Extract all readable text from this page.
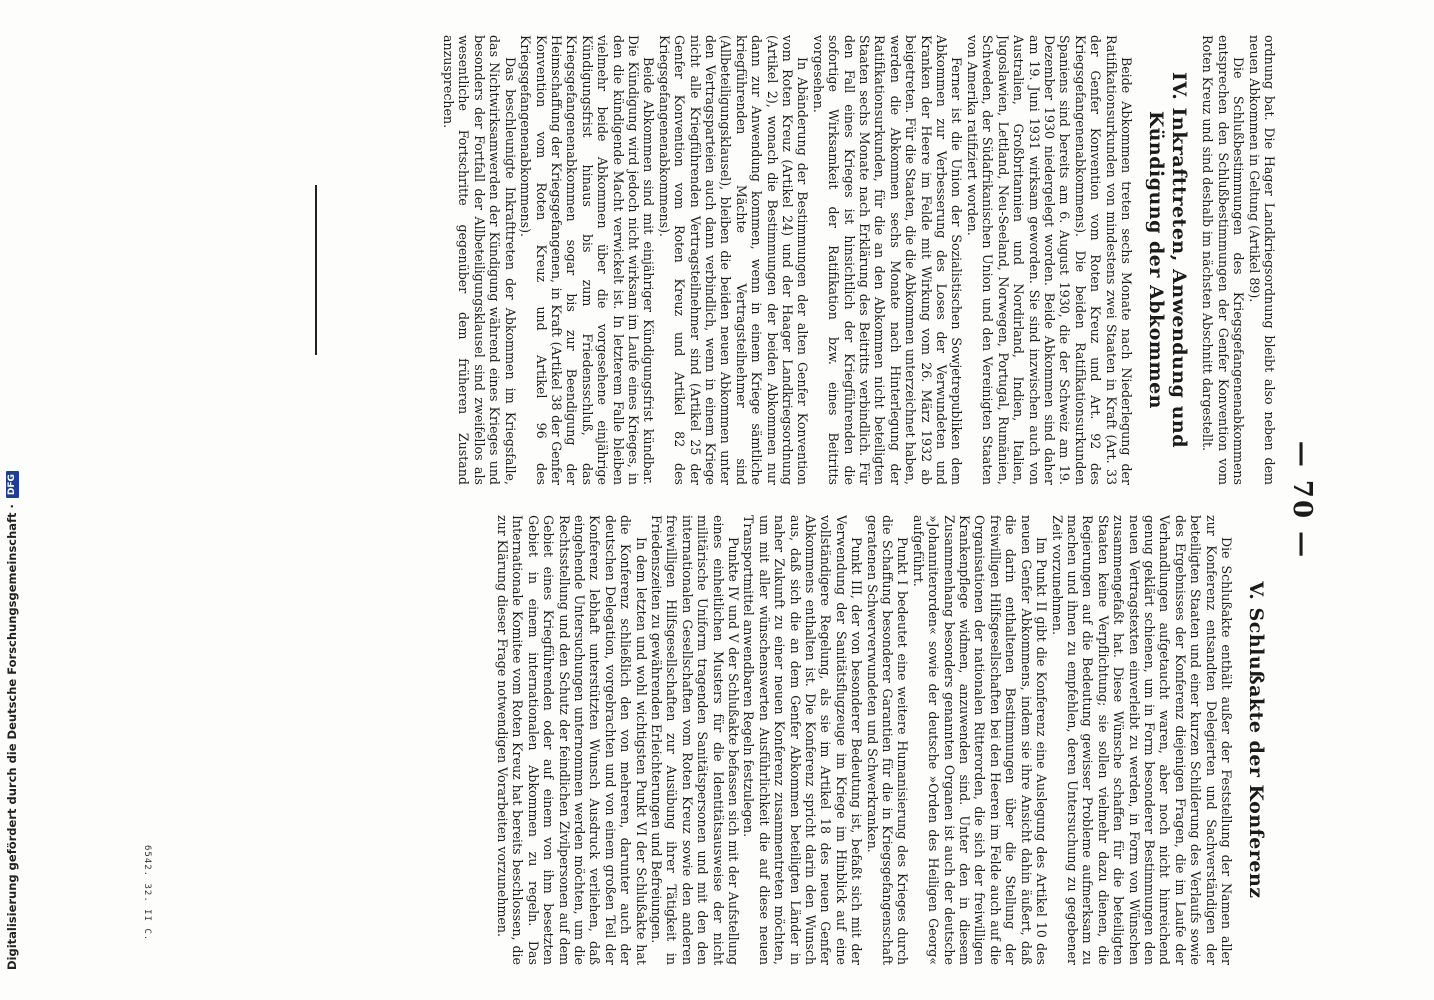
— 70 —

ordnung bat. Die Hager Landkriegsordnung bleibt also neben dem neuen Abkommen in Geltung (Artikel 89).

Die Schlußbestimmungen des Kriegsgefangenenabkommens entsprechen den Schlußbestimmungen der Genfer Konvention vom Roten Kreuz und sind deshalb im nächsten Abschnitt dargestellt.

IV. Inkrafttreten, Anwendung und Kündigung der Abkommen

Beide Abkommen treten sechs Monate nach Niederlegung der Ratifikationsurkunden von mindestens zwei Staaten in Kraft (Art. 33 der Genfer Konvention vom Roten Kreuz und Art. 92 des Kriegsgefangenenabkommens). Die beiden Ratifikationsurkunden Spaniens sind bereits am 6. August 1930, die der Schweiz am 19. Dezember 1930 niedergelegt worden. Beide Abkommen sind daher am 19. Juni 1931 wirksam geworden. Sie sind inzwischen auch von Australien, Großbritannien und Nordirland, Indien, Italien, Jugoslawien, Lettland, Neu-Seeland, Norwegen, Portugal, Rumänien, Schweden, der Südafrikanischen Union und den Vereinigten Staaten von Amerika ratifiziert worden.

Ferner ist die Union der Sozialistischen Sowjetrepubliken dem Abkommen zur Verbesserung des Loses der Verwundeten und Kranken der Heere im Felde mit Wirkung vom 26. März 1932 ab beigetreten. Für die Staaten, die die Abkommen unterzeichnet haben, werden die Abkommen sechs Monate nach Hinterlegung der Ratifikationsurkunden, für die an den Abkommen nicht beteiligten Staaten sechs Monate nach Erklärung des Beitritts verbindlich. Für den Fall eines Krieges ist hinsichtlich der Kriegführenden die sofortige Wirksamkeit der Ratifikation bzw. eines Beitritts vorgesehen.

In Abänderung der Bestimmungen der alten Genfer Konvention vom Roten Kreuz (Artikel 24) und der Haager Landkriegsordnung (Artikel 2), wonach die Bestimmungen der beiden Abkommen nur dann zur Anwendung kommen, wenn in einem Kriege sämtliche kriegführenden Mächte Vertragsteilnehmer sind (Allbeteiligungsklausel), bleiben die beiden neuen Abkommen unter den Vertragsparteien auch dann verbindlich, wenn in einem Kriege nicht alle Kriegführenden Vertragsteilnehmer sind (Artikel 25 der Genfer Konvention vom Roten Kreuz und Artikel 82 des Kriegsgefangenenabkommens).

Beide Abkommen sind mit einjähriger Kündigungsfrist kündbar. Die Kündigung wird jedoch nicht wirksam im Laufe eines Krieges, in den die kündigende Macht verwickelt ist. In letzterem Falle bleiben vielmehr beide Abkommen über die vorgesehene einjährige Kündigungsfrist hinaus bis zum Friedensschluß, das Kriegsgefangenenabkommen sogar bis zur Beendigung der Heimschaffung der Kriegsgefangenen, in Kraft (Artikel 38 der Genfer Konvention vom Roten Kreuz und Artikel 96 des Kriegsgefangenenabkommens).

Das beschleunigte Inkrafttreten der Abkommen im Kriegsfalle, das Nichtwirksamwerden der Kündigung während eines Krieges und besonders der Fortfall der Allbeteiligungsklausel sind zweifellos als wesentliche Fortschritte gegenüber dem früheren Zustand anzusprechen.

V. Schlußakte der Konferenz

Die Schlußakte enthält außer der Feststellung der Namen aller zur Konferenz entsandten Delegierten und Sachverständigen der beteiligten Staaten und einer kurzen Schilderung des Verlaufs sowie des Ergebnisses der Konferenz diejenigen Fragen, die im Laufe der Verhandlungen aufgetaucht waren, aber noch nicht hinreichend genug geklärt schienen, um in Form besonderer Bestimmungen den neuen Vertragstexten einverleibt zu werden, in Form von Wünschen zusammengefaßt hat. Diese Wünsche schaffen für die beteiligten Staaten keine Verpflichtung; sie sollen vielmehr dazu dienen, die Regierungen auf die Bedeutung gewisser Probleme aufmerksam zu machen und ihnen zu empfehlen, deren Untersuchung zu gegebener Zeit vorzunehmen.

Im Punkt II gibt die Konferenz eine Auslegung des Artikel 10 des neuen Genfer Abkommens, indem sie ihre Ansicht dahin äußert, daß die darin enthaltenen Bestimmungen über die Stellung der freiwilligen Hilfsgesellschaften bei den Heeren im Felde auch auf die Organisationen der nationalen Ritterorden, die sich der freiwilligen Krankenpflege widmen, anzuwenden sind. Unter den in diesem Zusammenhang besonders genannten Organen ist auch der deutsche »Johanniterorden« sowie der deutsche »Orden des Heiligen Georg« aufgeführt.

Punkt I bedeutet eine weitere Humanisierung des Krieges durch die Schaffung besonderer Garantien für die in Kriegsgefangenschaft geratenen Schwerverwundeten und Schwerkranken.

Punkt III, der von besonderer Bedeutung ist, befaßt sich mit der Verwendung der Sanitätsflugzeuge im Kriege im Hinblick auf eine vollständigere Regelung, als sie im Artikel 18 des neuen Genfer Abkommens enthalten ist. Die Konferenz spricht darin den Wunsch aus, daß sich die an dem Genfer Abkommen beteiligten Länder in naher Zukunft zu einer neuen Konferenz zusammentreten möchten, um mit aller wünschenswerten Ausführlichkeit die auf diese neuen Transportmittel anwendbaren Regeln festzulegen.

Punkte IV und V der Schlußakte befassen sich mit der Aufstellung eines einheitlichen Musters für die Identitätsausweise der nicht militärische Uniform tragenden Sanitätspersonen und mit den den internationalen Gesellschaften vom Roten Kreuz sowie den anderen freiwilligen Hilfsgesellschaften zur Ausübung ihrer Tätigkeit in Friedenszeiten zu gewährenden Erleichterungen und Befreiungen.

In dem letzten und wohl wichtigsten Punkt VI der Schlußakte hat die Konferenz schließlich den von mehreren, darunter auch der deutschen Delegation, vorgebrachten und von einem großen Teil der Konferenz lebhaft unterstützten Wunsch Ausdruck verliehen, daß eingehende Untersuchungen unternommen werden möchten, um die Rechtsstellung und den Schutz der feindlichen Zivilpersonen auf dem Gebiet eines Kriegführenden oder auf einem von ihm besetzten Gebiet in einem internationalen Abkommen zu regeln. Das Internationale Komitee vom Roten Kreuz hat bereits beschlossen, die zur Klärung dieser Frage notwendigen Vorarbeiten vorzunehmen.

6542. 32. II C.
Digitalisierung gefördert durch die Deutsche Forschungsgemeinschaft ·
DFG
